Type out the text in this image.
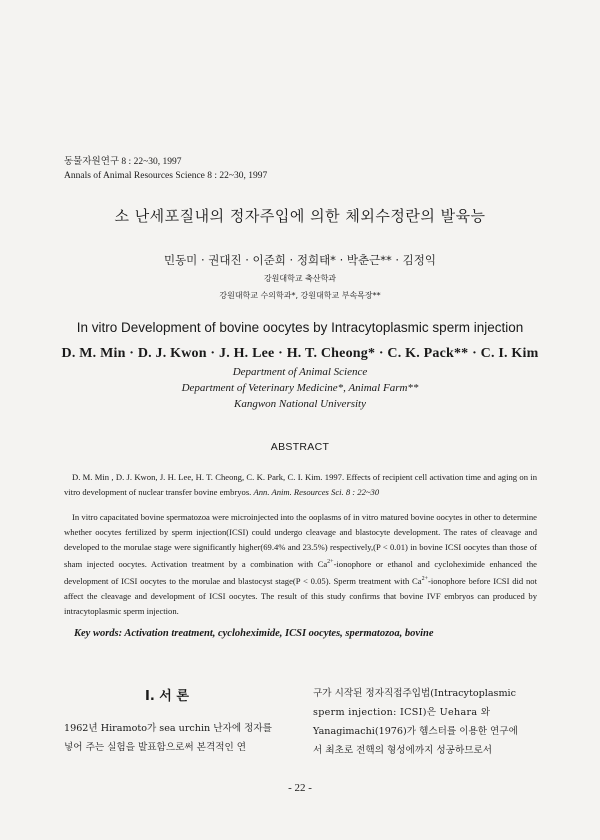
동물자원연구 8 : 22~30, 1997
Annals of Animal Resources Science 8 : 22~30, 1997
소 난세포질내의 정자주입에 의한 체외수정란의 발육능
민동미 · 권대진 · 이준희 · 정희태* · 박춘근** · 김정익
강원대학교 축산학과
강원대학교 수의학과*, 강원대학교 부속목장**
In vitro Development of bovine oocytes by Intracytoplasmic sperm injection
D. M. Min · D. J. Kwon · J. H. Lee · H. T. Cheong* · C. K. Pack** · C. I. Kim
Department of Animal Science
Department of Veterinary Medicine*, Animal Farm**
Kangwon National University
ABSTRACT
D. M. Min , D. J. Kwon, J. H. Lee, H. T. Cheong, C. K. Park, C. I. Kim. 1997. Effects of recipient cell activation time and aging on in vitro development of nuclear transfer bovine embryos. Ann. Anim. Resources Sci. 8 : 22~30
In vitro capacitated bovine spermatozoa were microinjected into the ooplasms of in vitro matured bovine oocytes in other to determine whether oocytes fertilized by sperm injection(ICSI) could undergo cleavage and blastocyte development. The rates of cleavage and developed to the morulae stage were significantly higher(69.4% and 23.5%) respectively,(P < 0.01) in bovine ICSI oocytes than those of sham injected oocytes. Activation treatment by a combination with $Ca^{2+}$-ionophore or ethanol and cycloheximide enhanced the development of ICSI oocytes to the morulae and blastocyst stage(P < 0.05). Sperm treatment with $Ca^{2+}$-ionophore before ICSI did not affect the cleavage and development of ICSI oocytes. The result of this study confirms that bovine IVF embryos can produced by intracytoplasmic sperm injection.
Key words: Activation treatment, cycloheximide, ICSI oocytes, spermatozoa, bovine
I. 서 론
1962년 Hiramoto가 sea urchin 난자에 정자를
넣어 주는 실험을 발표함으로써 본격적인 연
구가 시작된 정자직접주입법(Intracytoplasmic
sperm injection: ICSI)은 Uehara 와
Yanagimachi(1976)가 헴스터를 이용한 연구에
서 최초로 전핵의 형성에까지 성공하므로서
- 22 -
